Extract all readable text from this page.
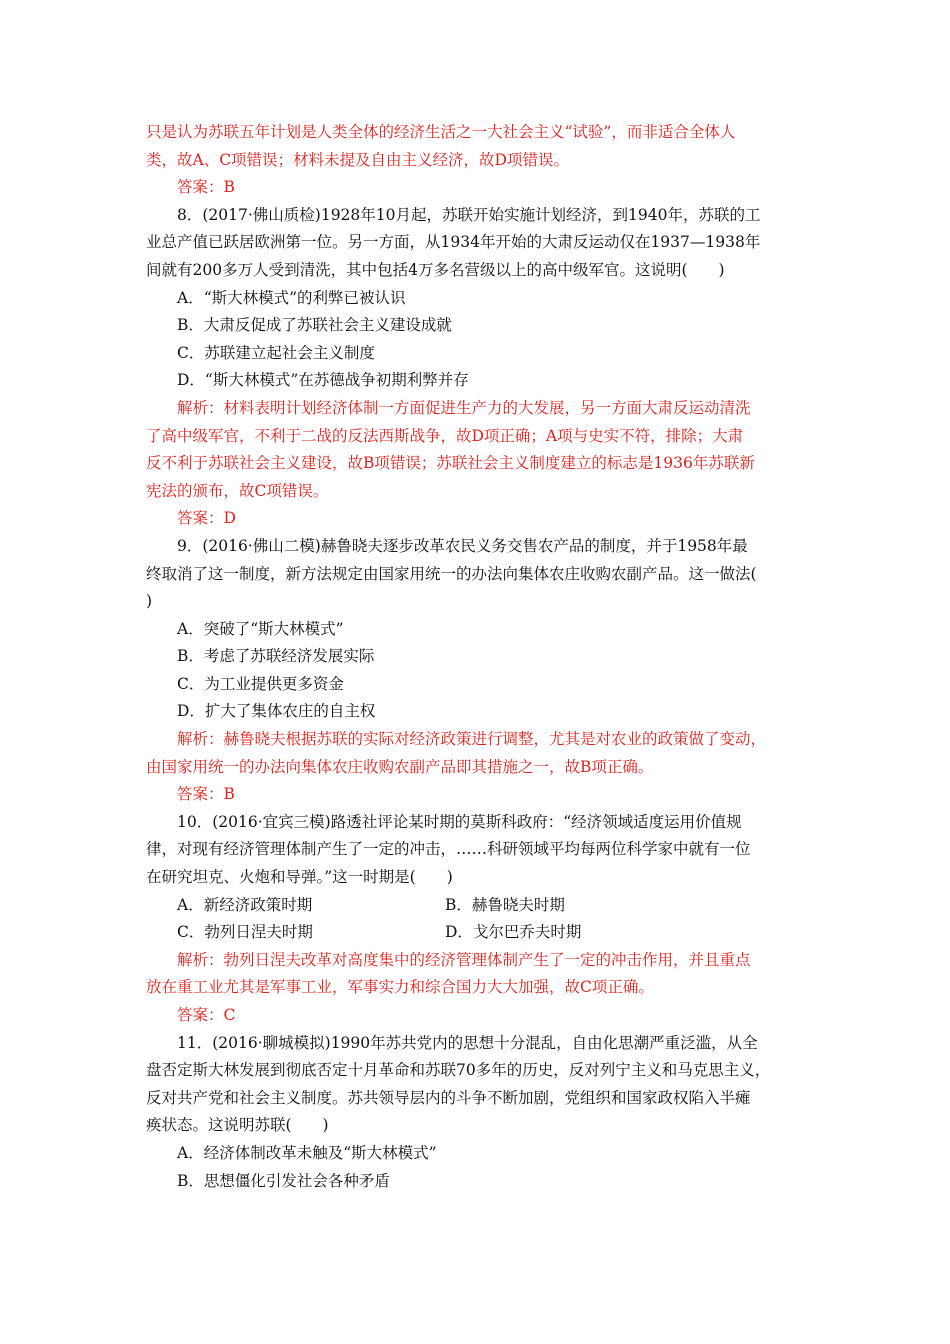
只是认为苏联五年计划是人类全体的经济生活之一大社会主义“试验”，而非适合全体人
类，故A、C项错误；材料未提及自由主义经济，故D项错误。
答案：B
8．(2017·佛山质检)1928年10月起，苏联开始实施计划经济，到1940年，苏联的工
业总产值已跃居欧洲第一位。另一方面，从1934年开始的大肃反运动仅在1937—1938年
间就有200多万人受到清洗，其中包括4万多名营级以上的高中级军官。这说明(　　)
A．“斯大林模式”的利弊已被认识
B．大肃反促成了苏联社会主义建设成就
C．苏联建立起社会主义制度
D．“斯大林模式”在苏德战争初期利弊并存
解析：材料表明计划经济体制一方面促进生产力的大发展，另一方面大肃反运动清洗
了高中级军官，不利于二战的反法西斯战争，故D项正确；A项与史实不符，排除；大肃
反不利于苏联社会主义建设，故B项错误；苏联社会主义制度建立的标志是1936年苏联新
宪法的颁布，故C项错误。
答案：D
9．(2016·佛山二模)赫鲁晓夫逐步改革农民义务交售农产品的制度，并于1958年最
终取消了这一制度，新方法规定由国家用统一的办法向集体农庄收购农副产品。这一做法(
)
A．突破了“斯大林模式”
B．考虑了苏联经济发展实际
C．为工业提供更多资金
D．扩大了集体农庄的自主权
解析：赫鲁晓夫根据苏联的实际对经济政策进行调整，尤其是对农业的政策做了变动，
由国家用统一的办法向集体农庄收购农副产品即其措施之一，故B项正确。
答案：B
10．(2016·宜宾三模)路透社评论某时期的莫斯科政府：“经济领域适度运用价值规
律，对现有经济管理体制产生了一定的冲击，……科研领域平均每两位科学家中就有一位
在研究坦克、火炮和导弹。”这一时期是(　　)
A．新经济政策时期	B．赫鲁晓夫时期
C．勃列日涅夫时期	D．戈尔巴乔夫时期
解析：勃列日涅夫改革对高度集中的经济管理体制产生了一定的冲击作用，并且重点
放在重工业尤其是军事工业，军事实力和综合国力大大加强，故C项正确。
答案：C
11．(2016·聊城模拟)1990年苏共党内的思想十分混乱，自由化思潮严重泛滥，从全
盘否定斯大林发展到彻底否定十月革命和苏联70多年的历史，反对列宁主义和马克思主义，
反对共产党和社会主义制度。苏共领导层内的斗争不断加剧，党组织和国家政权陷入半瘫
痪状态。这说明苏联(　　)
A．经济体制改革未触及“斯大林模式”
B．思想僵化引发社会各种矛盾
